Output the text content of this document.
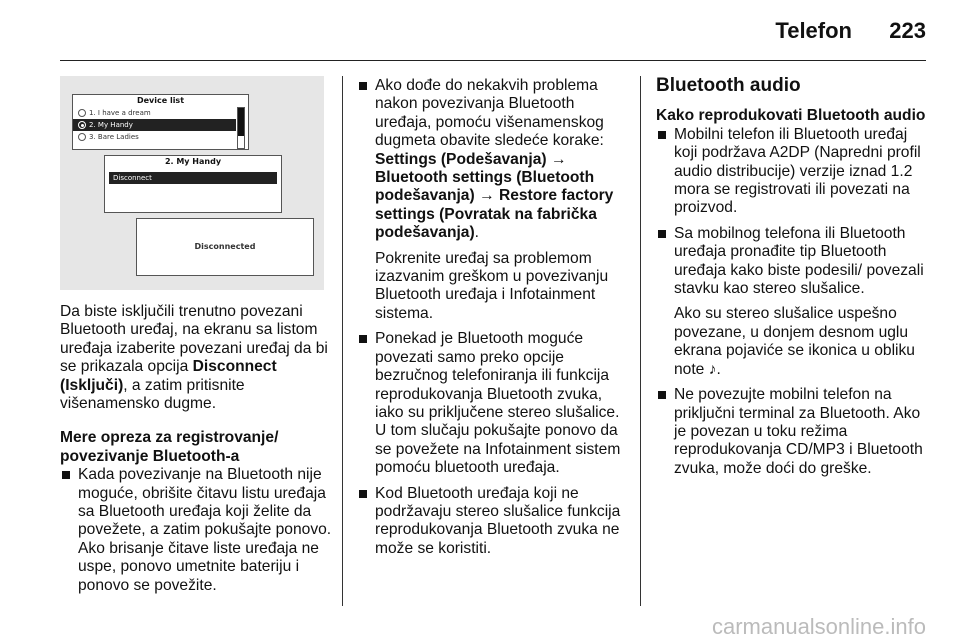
Telefon	223
Device list
1. I have a dream
2. My Handy
3. Bare Ladies
2. My Handy
Disconnect
Disconnected

Da biste isključili trenutno povezani Bluetooth uređaj, na ekranu sa listom uređaja izaberite povezani uređaj da bi se prikazala opcija Disconnect (Isključi), a zatim pritisnite višenamensko dugme.

Mere opreza za registrovanje/ povezivanje Bluetooth-a

Kada povezivanje na Bluetooth nije moguće, obrišite čitavu listu uređaja sa Bluetooth uređaja koji želite da povežete, a zatim pokušajte ponovo. Ako brisanje čitave liste uređaja ne uspe, ponovo umetnite bateriju i ponovo se povežite.

Ako dođe do nekakvih problema nakon povezivanja Bluetooth uređaja, pomoću višenamenskog dugmeta obavite sledeće korake: Settings (Podešavanja) → Bluetooth settings (Bluetooth podešavanja) → Restore factory settings (Povratak na fabrička podešavanja).

Pokrenite uređaj sa problemom izazvanim greškom u povezivanju Bluetooth uređaja i Infotainment sistema.

Ponekad je Bluetooth moguće povezati samo preko opcije bezručnog telefoniranja ili funkcija reprodukovanja Bluetooth zvuka, iako su priključene stereo slušalice. U tom slučaju pokušajte ponovo da se povežete na Infotainment sistem pomoću bluetooth uređaja.

Kod Bluetooth uređaja koji ne podržavaju stereo slušalice funkcija reprodukovanja Bluetooth zvuka ne može se koristiti.

Bluetooth audio

Kako reprodukovati Bluetooth audio

Mobilni telefon ili Bluetooth uređaj koji podržava A2DP (Napredni profil audio distribucije) verzije iznad 1.2 mora se registrovati ili povezati na proizvod.

Sa mobilnog telefona ili Bluetooth uređaja pronađite tip Bluetooth uređaja kako biste podesili/ povezali stavku kao stereo slušalice.

Ako su stereo slušalice uspešno povezane, u donjem desnom uglu ekrana pojaviće se ikonica u obliku note ♪.

Ne povezujte mobilni telefon na priključni terminal za Bluetooth. Ako je povezan u toku režima reprodukovanja CD/MP3 i Bluetooth zvuka, može doći do greške.

carmanualsonline.info
